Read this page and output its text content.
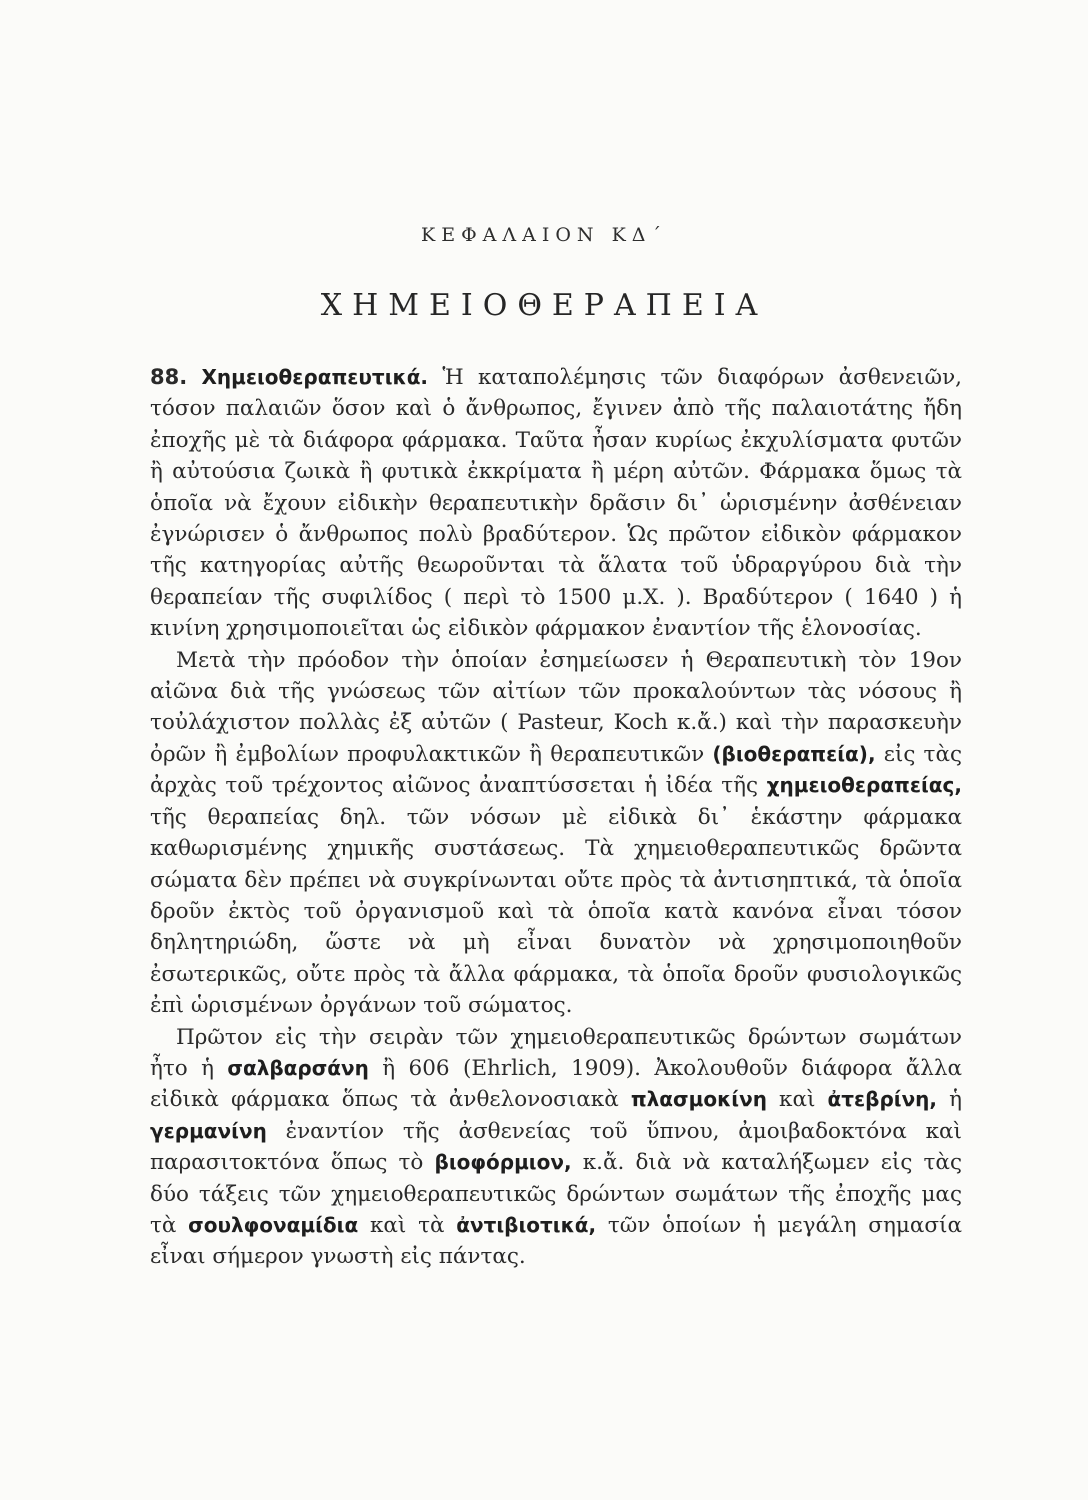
ΚΕΦΑΛΑΙΟΝ ΚΔ΄
ΧΗΜΕΙΟΘΕΡΑΠΕΙΑ

88. Χημειοθεραπευτικά. Ἡ καταπολέμησις τῶν διαφόρων ἀσθενειῶν, τόσον παλαιῶν ὅσον καὶ ὁ ἄνθρωπος, ἔγινεν ἀπὸ τῆς παλαιοτάτης ἤδη ἐποχῆς μὲ τὰ διάφορα φάρμακα. Ταῦτα ἦσαν κυρίως ἐκχυλίσματα φυτῶν ἢ αὐτούσια ζωικὰ ἢ φυτικὰ ἐκκρίματα ἢ μέρη αὐτῶν. Φάρμακα ὅμως τὰ ὁποῖα νὰ ἔχουν εἰδικὴν θεραπευτικὴν δρᾶσιν δι᾽ ὡρισμένην ἀσθένειαν ἐγνώρισεν ὁ ἄνθρωπος πολὺ βραδύτερον. Ὡς πρῶτον εἰδικὸν φάρμακον τῆς κατηγορίας αὐτῆς θεωροῦνται τὰ ἅλατα τοῦ ὑδραργύρου διὰ τὴν θεραπείαν τῆς συφιλίδος ( περὶ τὸ 1500 μ.Χ. ). Βραδύτερον ( 1640 ) ἡ κινίνη χρησιμοποιεῖται ὡς εἰδικὸν φάρμακον ἐναντίον τῆς ἑλονοσίας.

Μετὰ τὴν πρόοδον τὴν ὁποίαν ἐσημείωσεν ἡ Θεραπευτικὴ τὸν 19ον αἰῶνα διὰ τῆς γνώσεως τῶν αἰτίων τῶν προκαλούντων τὰς νόσους ἢ τοὐλάχιστον πολλὰς ἐξ αὐτῶν ( Pasteur, Koch κ.ἄ.) καὶ τὴν παρασκευὴν ὀρῶν ἢ ἐμβολίων προφυλακτικῶν ἢ θεραπευτικῶν (βιοθεραπεία), εἰς τὰς ἀρχὰς τοῦ τρέχοντος αἰῶνος ἀναπτύσσεται ἡ ἰδέα τῆς χημειοθεραπείας, τῆς θεραπείας δηλ. τῶν νόσων μὲ εἰδικὰ δι᾽ ἑκάστην φάρμακα καθωρισμένης χημικῆς συστάσεως. Τὰ χημειοθεραπευτικῶς δρῶντα σώματα δὲν πρέπει νὰ συγκρίνωνται οὔτε πρὸς τὰ ἀντισηπτικά, τὰ ὁποῖα δροῦν ἐκτὸς τοῦ ὀργανισμοῦ καὶ τὰ ὁποῖα κατὰ κανόνα εἶναι τόσον δηλητηριώδη, ὥστε νὰ μὴ εἶναι δυνατὸν νὰ χρησιμοποιηθοῦν ἐσωτερικῶς, οὔτε πρὸς τὰ ἄλλα φάρμακα, τὰ ὁποῖα δροῦν φυσιολογικῶς ἐπὶ ὡρισμένων ὀργάνων τοῦ σώματος.

Πρῶτον εἰς τὴν σειρὰν τῶν χημειοθεραπευτικῶς δρώντων σωμάτων ἦτο ἡ σαλβαρσάνη ἢ 606 (Ehrlich, 1909). Ἀκολουθοῦν διάφορα ἄλλα εἰδικὰ φάρμακα ὅπως τὰ ἀνθελονοσιακὰ πλασμοκίνη καὶ ἀτεβρίνη, ἡ γερμανίνη ἐναντίον τῆς ἀσθενείας τοῦ ὕπνου, ἀμοιβαδοκτόνα καὶ παρασιτοκτόνα ὅπως τὸ βιοφόρμιον, κ.ἄ. διὰ νὰ καταλήξωμεν εἰς τὰς δύο τάξεις τῶν χημειοθεραπευτικῶς δρώντων σωμάτων τῆς ἐποχῆς μας τὰ σουλφοναμίδια καὶ τὰ ἀντιβιοτικά, τῶν ὁποίων ἡ μεγάλη σημασία εἶναι σήμερον γνωστὴ εἰς πάντας.
